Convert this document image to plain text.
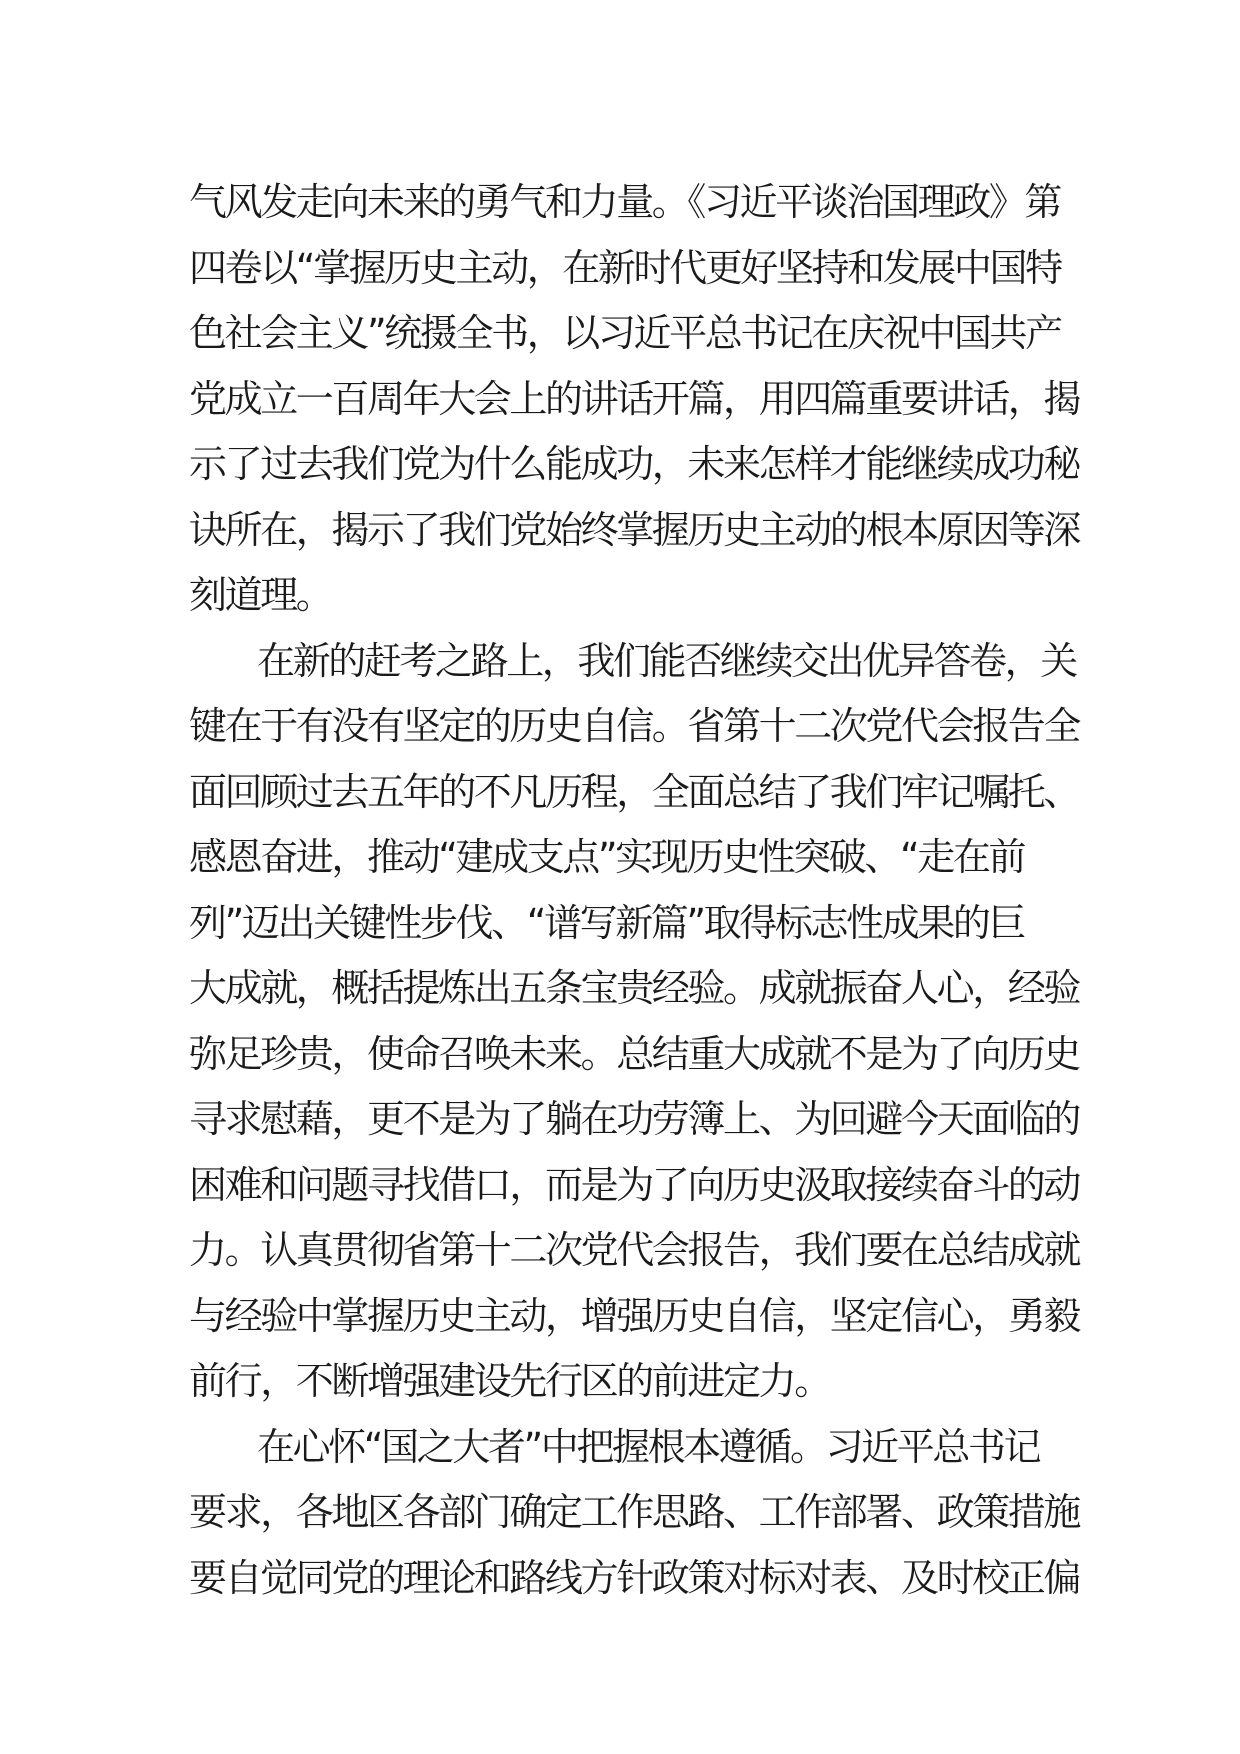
气风发走向未来的勇气和力量。《习近平谈治国理政》第
四卷以“掌握历史主动，在新时代更好坚持和发展中国特
色社会主义”统摄全书，以习近平总书记在庆祝中国共产
党成立一百周年大会上的讲话开篇，用四篇重要讲话，揭
示了过去我们党为什么能成功，未来怎样才能继续成功秘
诀所在，揭示了我们党始终掌握历史主动的根本原因等深
刻道理。
在新的赶考之路上，我们能否继续交出优异答卷，关
键在于有没有坚定的历史自信。省第十二次党代会报告全
面回顾过去五年的不凡历程，全面总结了我们牢记嘱托、
感恩奋进，推动“建成支点”实现历史性突破、“走在前
列”迈出关键性步伐、“谱写新篇”取得标志性成果的巨
大成就，概括提炼出五条宝贵经验。成就振奋人心，经验
弥足珍贵，使命召唤未来。总结重大成就不是为了向历史
寻求慰藉，更不是为了躺在功劳簿上、为回避今天面临的
困难和问题寻找借口，而是为了向历史汲取接续奋斗的动
力。认真贯彻省第十二次党代会报告，我们要在总结成就
与经验中掌握历史主动，增强历史自信，坚定信心，勇毅
前行，不断增强建设先行区的前进定力。
在心怀“国之大者”中把握根本遵循。习近平总书记
要求，各地区各部门确定工作思路、工作部署、政策措施
要自觉同党的理论和路线方针政策对标对表、及时校正偏
